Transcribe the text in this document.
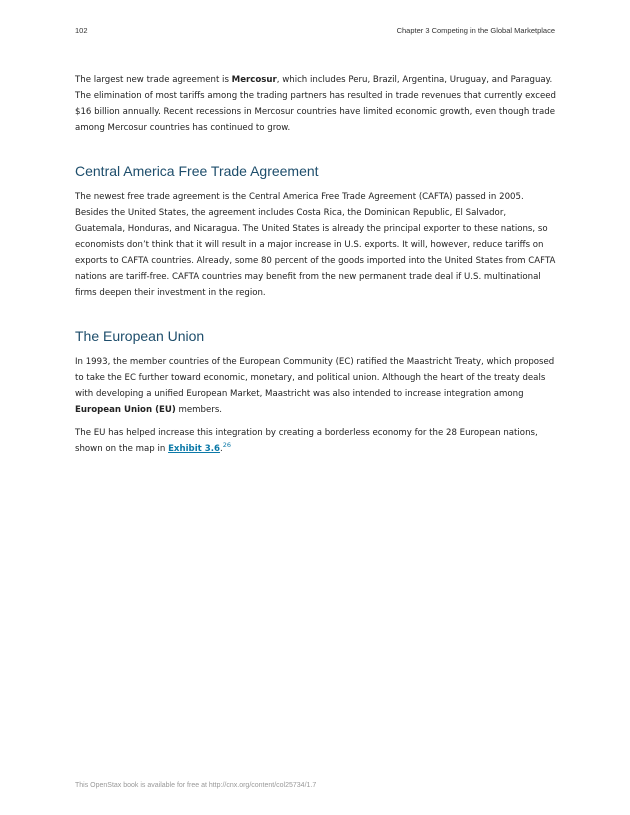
102	Chapter 3 Competing in the Global Marketplace

The largest new trade agreement is Mercosur, which includes Peru, Brazil, Argentina, Uruguay, and Paraguay. The elimination of most tariffs among the trading partners has resulted in trade revenues that currently exceed $16 billion annually. Recent recessions in Mercosur countries have limited economic growth, even though trade among Mercosur countries has continued to grow.

Central America Free Trade Agreement

The newest free trade agreement is the Central America Free Trade Agreement (CAFTA) passed in 2005. Besides the United States, the agreement includes Costa Rica, the Dominican Republic, El Salvador, Guatemala, Honduras, and Nicaragua. The United States is already the principal exporter to these nations, so economists don’t think that it will result in a major increase in U.S. exports. It will, however, reduce tariffs on exports to CAFTA countries. Already, some 80 percent of the goods imported into the United States from CAFTA nations are tariff-free. CAFTA countries may benefit from the new permanent trade deal if U.S. multinational firms deepen their investment in the region.

The European Union

In 1993, the member countries of the European Community (EC) ratified the Maastricht Treaty, which proposed to take the EC further toward economic, monetary, and political union. Although the heart of the treaty deals with developing a unified European Market, Maastricht was also intended to increase integration among European Union (EU) members.

The EU has helped increase this integration by creating a borderless economy for the 28 European nations, shown on the map in Exhibit 3.6.26

This OpenStax book is available for free at http://cnx.org/content/col25734/1.7
